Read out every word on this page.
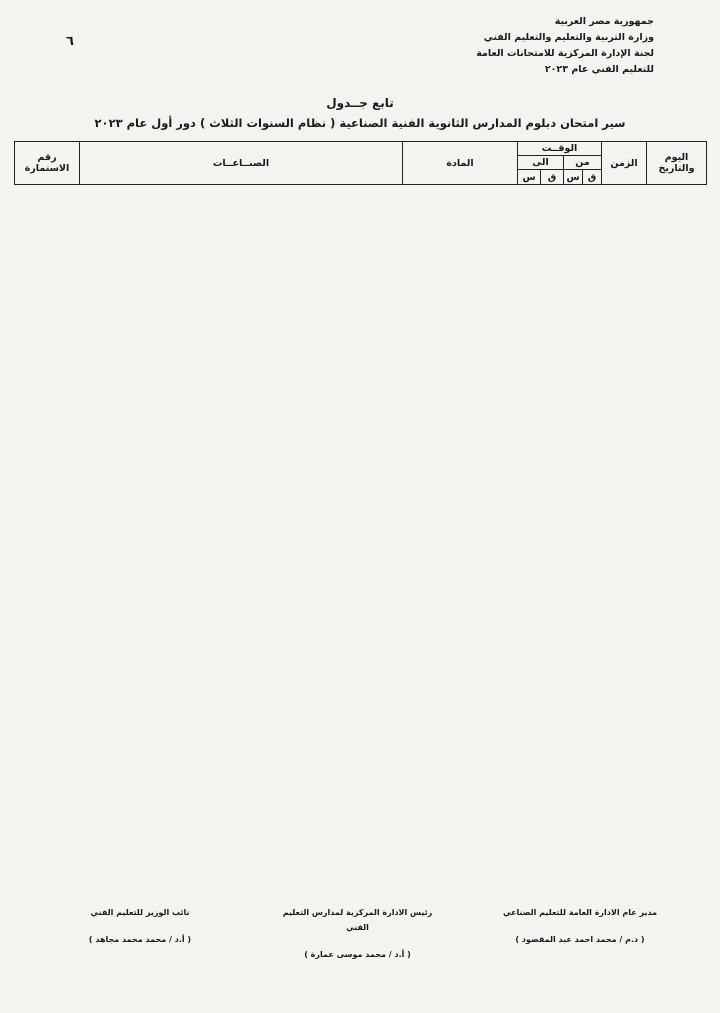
جمهورية مصر العربية
وزارة التربية والتعليم والتعليم الفني
لجنة الإدارة المركزية للامتحانات العامة
للتعليم الفني عام ٢٠٢٣
٦
تابع جــدول
سير امتحان دبلوم المدارس الثانوية الفنية الصناعية ( نظام السنوات الثلاث ) دور أول عام ٢٠٢٣
اليوم والتاريخ	الزمن	الوقــت				المادة	الصنــاعــات	رقم الاستمارة
		من		الى				
		ق	س	ق	س			
مدير عام الادارة العامة للتعليم الصناعي
( د.م / محمد احمد عبد المقصود )
رئيس الادارة المركزية لمدارس التعليم الفني
( أ.د / محمد موسى عمارة )
نائب الوزير للتعليم الفني
( أ.د / محمد محمد مجاهد )
